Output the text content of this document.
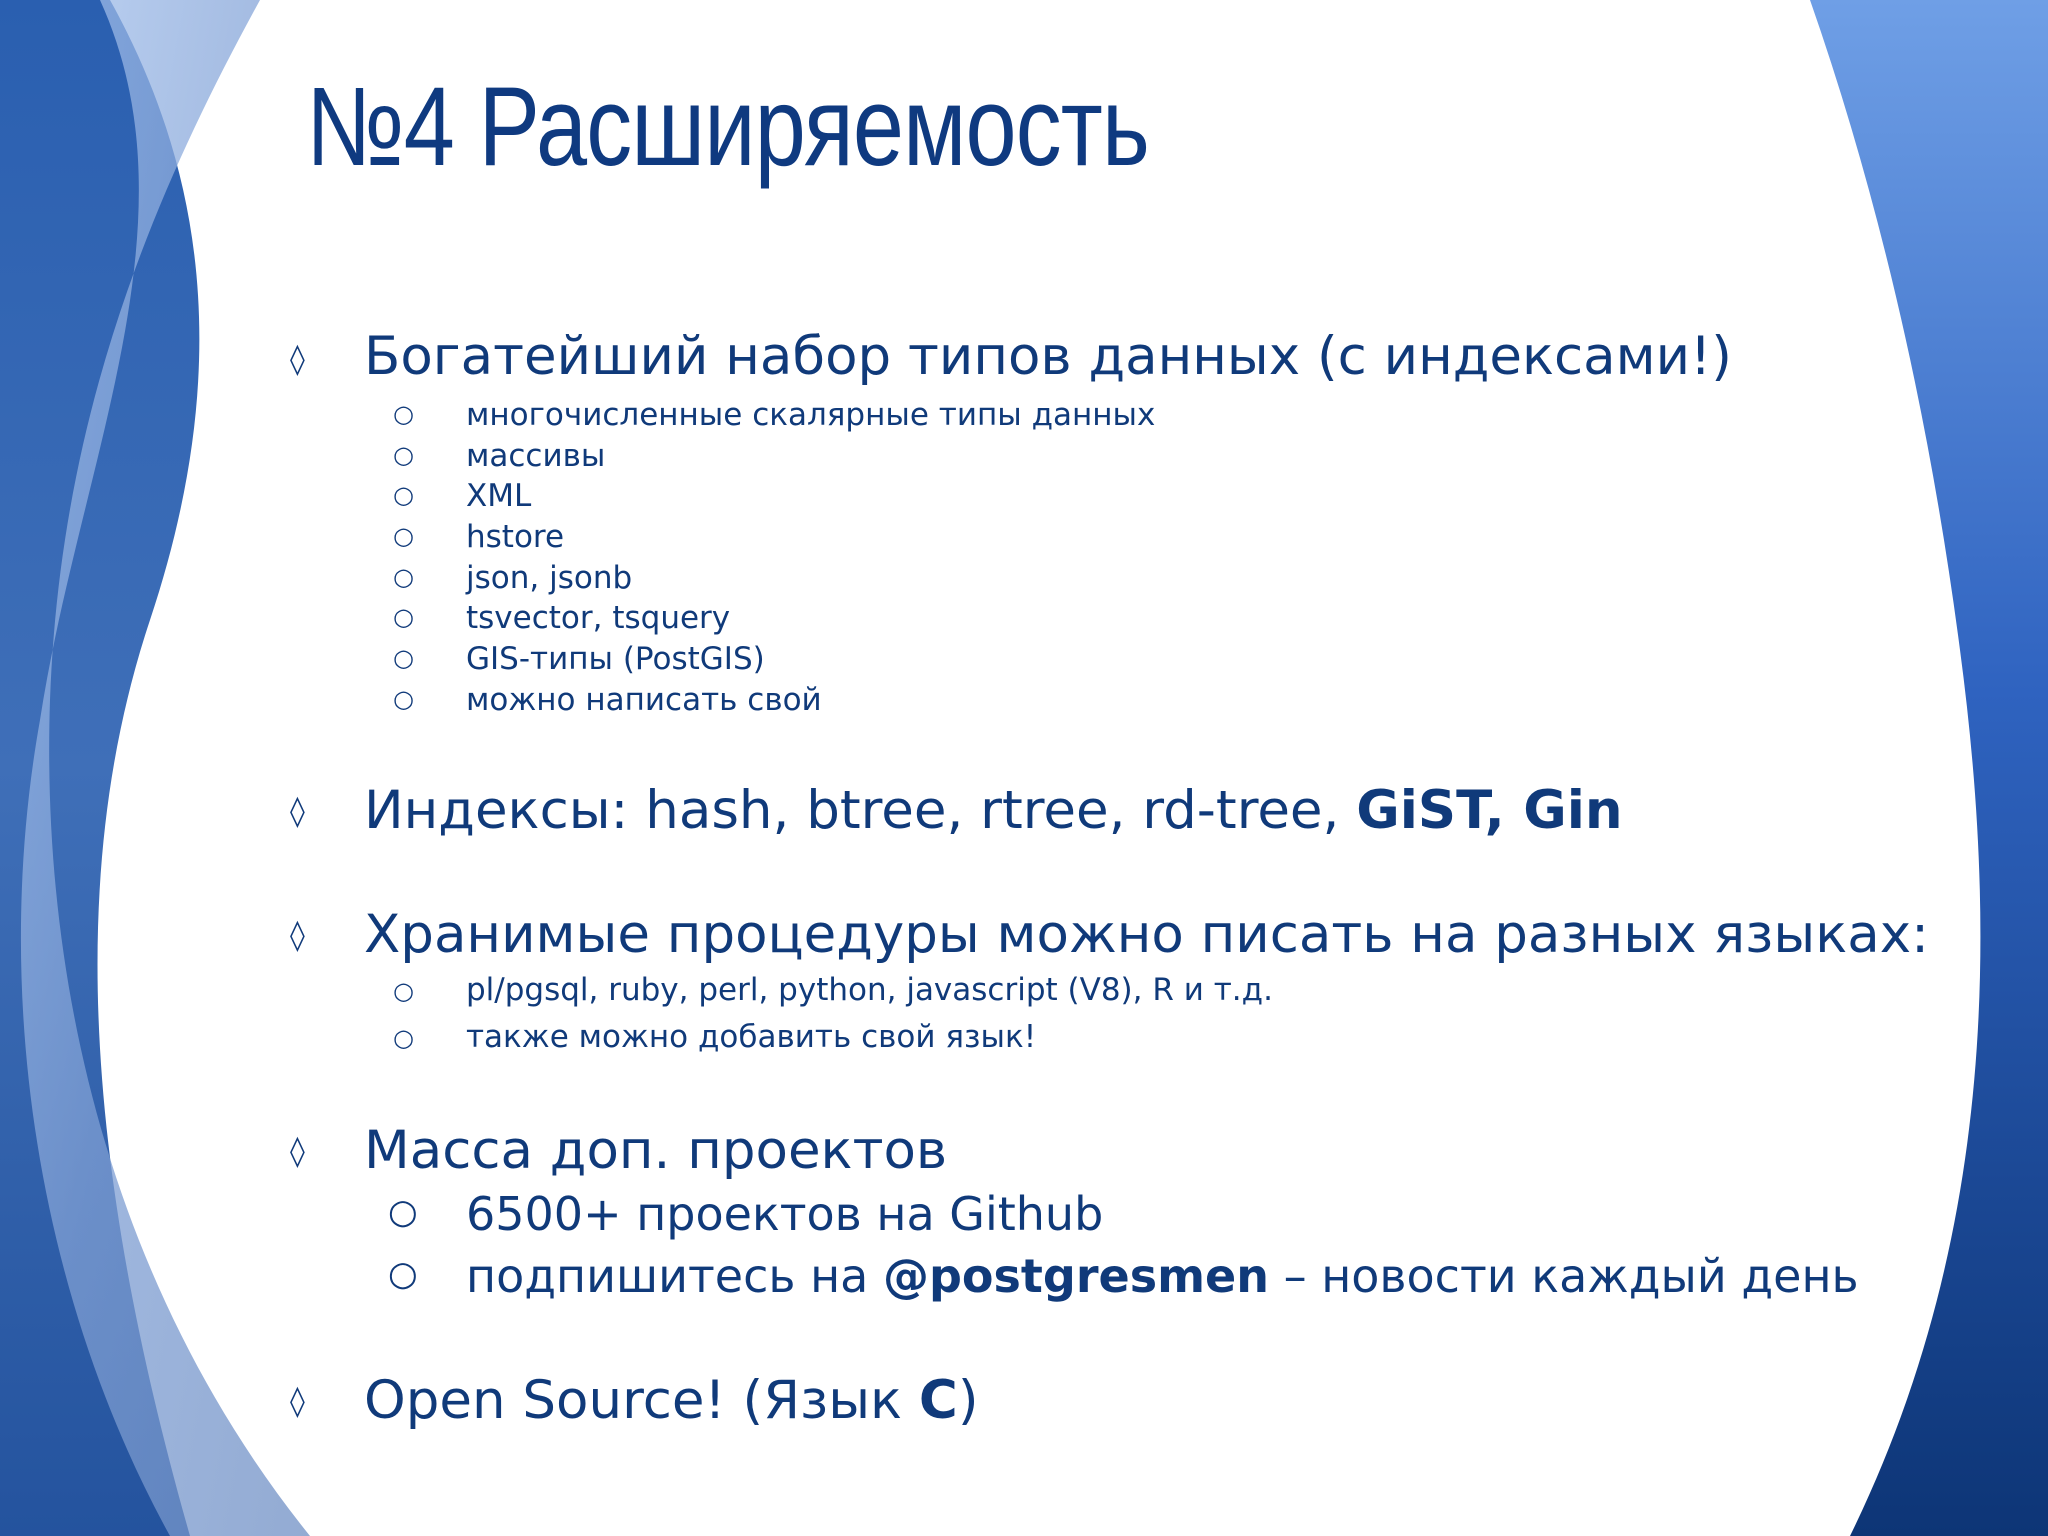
№4 Расширяемость
◊ Богатейший набор типов данных (с индексами!)
○ многочисленные скалярные типы данных
○ массивы
○ XML
○ hstore
○ json, jsonb
○ tsvector, tsquery
○ GIS-типы (PostGIS)
○ можно написать свой
◊ Индексы: hash, btree, rtree, rd-tree, GiST, Gin
◊ Хранимые процедуры можно писать на разных языках:
○ pl/pgsql, ruby, perl, python, javascript (V8), R и т.д.
○ также можно добавить свой язык!
◊ Масса доп. проектов
○ 6500+ проектов на Github
○ подпишитесь на @postgresmen – новости каждый день
◊ Open Source! (Язык C)
